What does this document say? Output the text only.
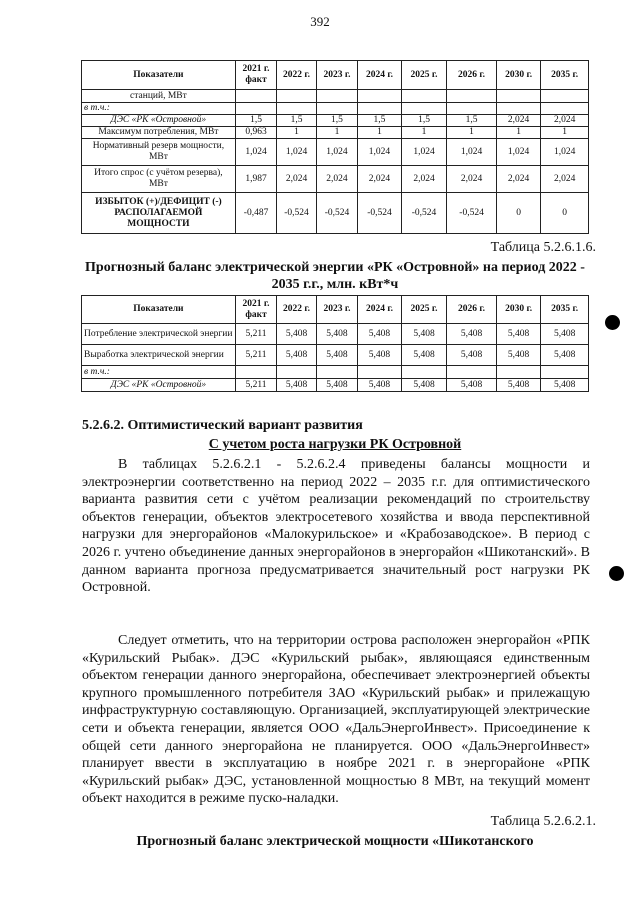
392
Показатели	2021 г. факт	2022 г.	2023 г.	2024 г.	2025 г.	2026 г.	2030 г.	2035 г.
станций, МВт								
в т.ч.:								
ДЭС «РК «Островной»	1,5	1,5	1,5	1,5	1,5	1,5	2,024	2,024
Максимум потребления, МВт	0,963	1	1	1	1	1	1	1
Нормативный резерв мощности, МВт	1,024	1,024	1,024	1,024	1,024	1,024	1,024	1,024
Итого спрос (с учётом резерва), МВт	1,987	2,024	2,024	2,024	2,024	2,024	2,024	2,024
ИЗБЫТОК (+)/ДЕФИЦИТ (-) РАСПОЛАГАЕМОЙ МОЩНОСТИ	-0,487	-0,524	-0,524	-0,524	-0,524	-0,524	0	0
Таблица 5.2.6.1.6.
Прогнозный баланс электрической энергии «РК «Островной» на период 2022 - 2035 г.г., млн. кВт*ч
Показатели	2021 г. факт	2022 г.	2023 г.	2024 г.	2025 г.	2026 г.	2030 г.	2035 г.
Потребление электрической энергии	5,211	5,408	5,408	5,408	5,408	5,408	5,408	5,408
Выработка электрической энергии	5,211	5,408	5,408	5,408	5,408	5,408	5,408	5,408
в т.ч.:								
ДЭС «РК «Островной»	5,211	5,408	5,408	5,408	5,408	5,408	5,408	5,408
5.2.6.2. Оптимистический вариант развития
С учетом роста нагрузки РК Островной
В таблицах 5.2.6.2.1 - 5.2.6.2.4 приведены балансы мощности и электроэнергии соответственно на период 2022 – 2035 г.г. для оптимистического варианта развития сети с учётом реализации рекомендаций по строительству объектов генерации, объектов электросетевого хозяйства и ввода перспективной нагрузки для энергорайонов «Малокурильское» и «Крабозаводское». В период с 2026 г. учтено объединение данных энергорайонов в энергорайон «Шикотанский». В данном варианта прогноза предусматривается значительный рост нагрузки РК Островной.
Следует отметить, что на территории острова расположен энергорайон «РПК «Курильский Рыбак». ДЭС «Курильский рыбак», являющаяся единственным объектом генерации данного энергорайона, обеспечивает электроэнергией объекты крупного промышленного потребителя ЗАО «Курильский рыбак» и прилежащую инфраструктурную составляющую. Организацией, эксплуатирующей электрические сети и объекта генерации, является ООО «ДальЭнергоИнвест». Присоединение к общей сети данного энергорайона не планируется. ООО «ДальЭнергоИнвест» планирует ввести в эксплуатацию в ноябре 2021 г. в энергорайоне «РПК «Курильский рыбак» ДЭС, установленной мощностью 8 МВт, на текущий момент объект находится в режиме пуско-наладки.
Таблица 5.2.6.2.1.
Прогнозный баланс электрической мощности «Шикотанского
